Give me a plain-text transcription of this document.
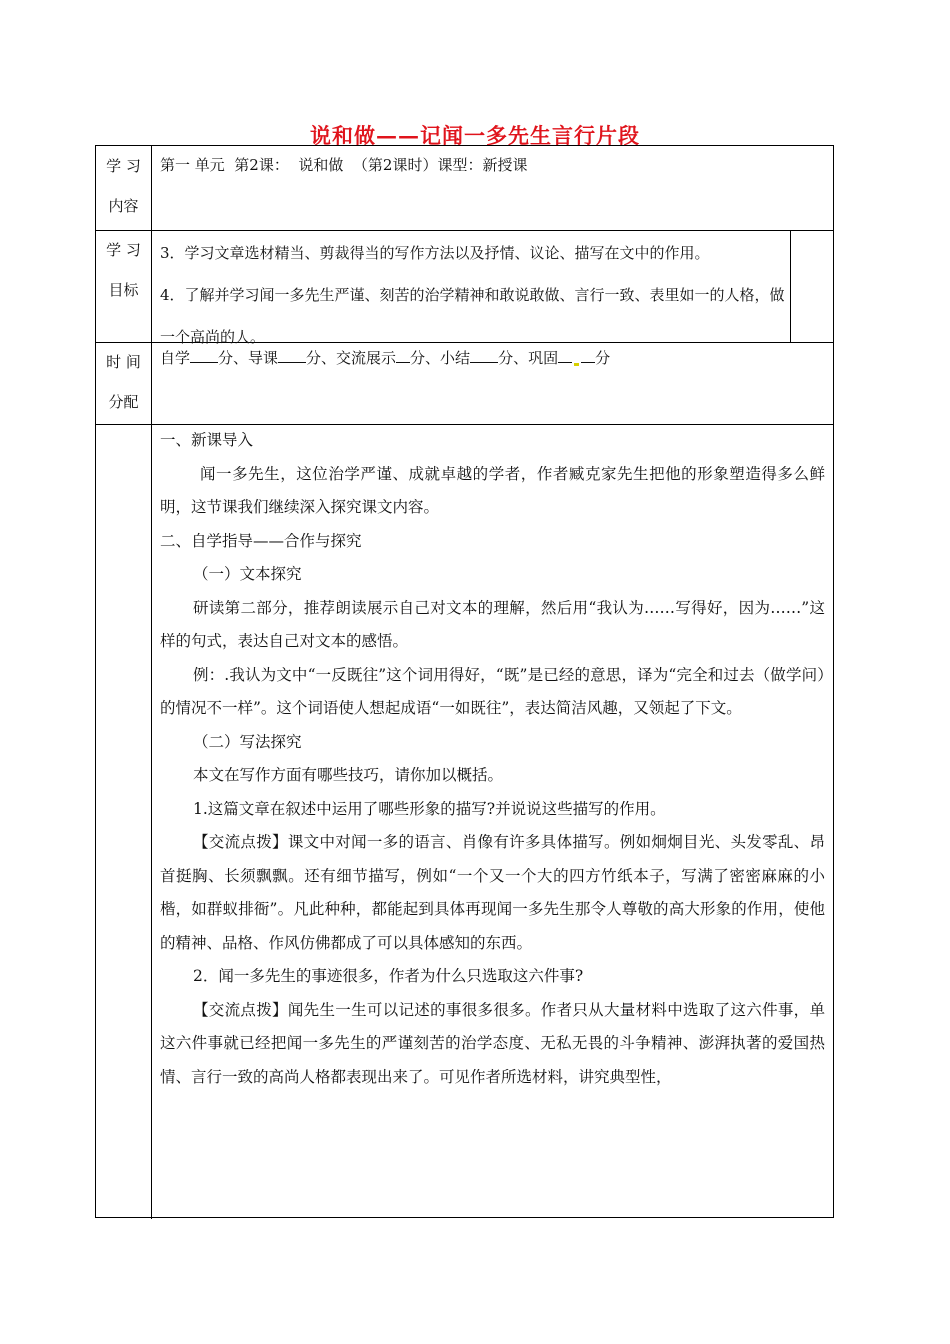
说和做——记闻一多先生言行片段
学 习
内容
学 习
目标
时 间
分配
第一 单元  第2课：  说和做  （第2课时）课型：新授课

3．学习文章选材精当、剪裁得当的写作方法以及抒情、议论、描写在文中的作用。

4．了解并学习闻一多先生严谨、刻苦的治学精神和敢说敢做、言行一致、表里如一的人格，做一个高尚的人。

自学 分、导课 分、交流展示 分、小结 分、巩固 分

一、新课导入

闻一多先生，这位治学严谨、成就卓越的学者，作者臧克家先生把他的形象塑造得多么鲜明，这节课我们继续深入探究课文内容。

二、自学指导——合作与探究

（一）文本探究

研读第二部分，推荐朗读展示自己对文本的理解，然后用“我认为……写得好，因为……”这样的句式，表达自己对文本的感悟。

例：.我认为文中“一反既往”这个词用得好，“既”是已经的意思，译为“完全和过去（做学问）的情况不一样”。这个词语使人想起成语“一如既往”，表达简洁风趣，又领起了下文。

（二）写法探究

本文在写作方面有哪些技巧，请你加以概括。

1.这篇文章在叙述中运用了哪些形象的描写?并说说这些描写的作用。

【交流点拨】课文中对闻一多的语言、肖像有许多具体描写。例如炯炯目光、头发零乱、昂首挺胸、长须飘飘。还有细节描写，例如“一个又一个大的四方竹纸本子，写满了密密麻麻的小楷，如群蚁排衙”。凡此种种，都能起到具体再现闻一多先生那令人尊敬的高大形象的作用，使他的精神、品格、作风仿佛都成了可以具体感知的东西。

2．闻一多先生的事迹很多，作者为什么只选取这六件事?

【交流点拨】闻先生一生可以记述的事很多很多。作者只从大量材料中选取了这六件事，单这六件事就已经把闻一多先生的严谨刻苦的治学态度、无私无畏的斗争精神、澎湃执著的爱国热情、言行一致的高尚人格都表现出来了。可见作者所选材料，讲究典型性，
